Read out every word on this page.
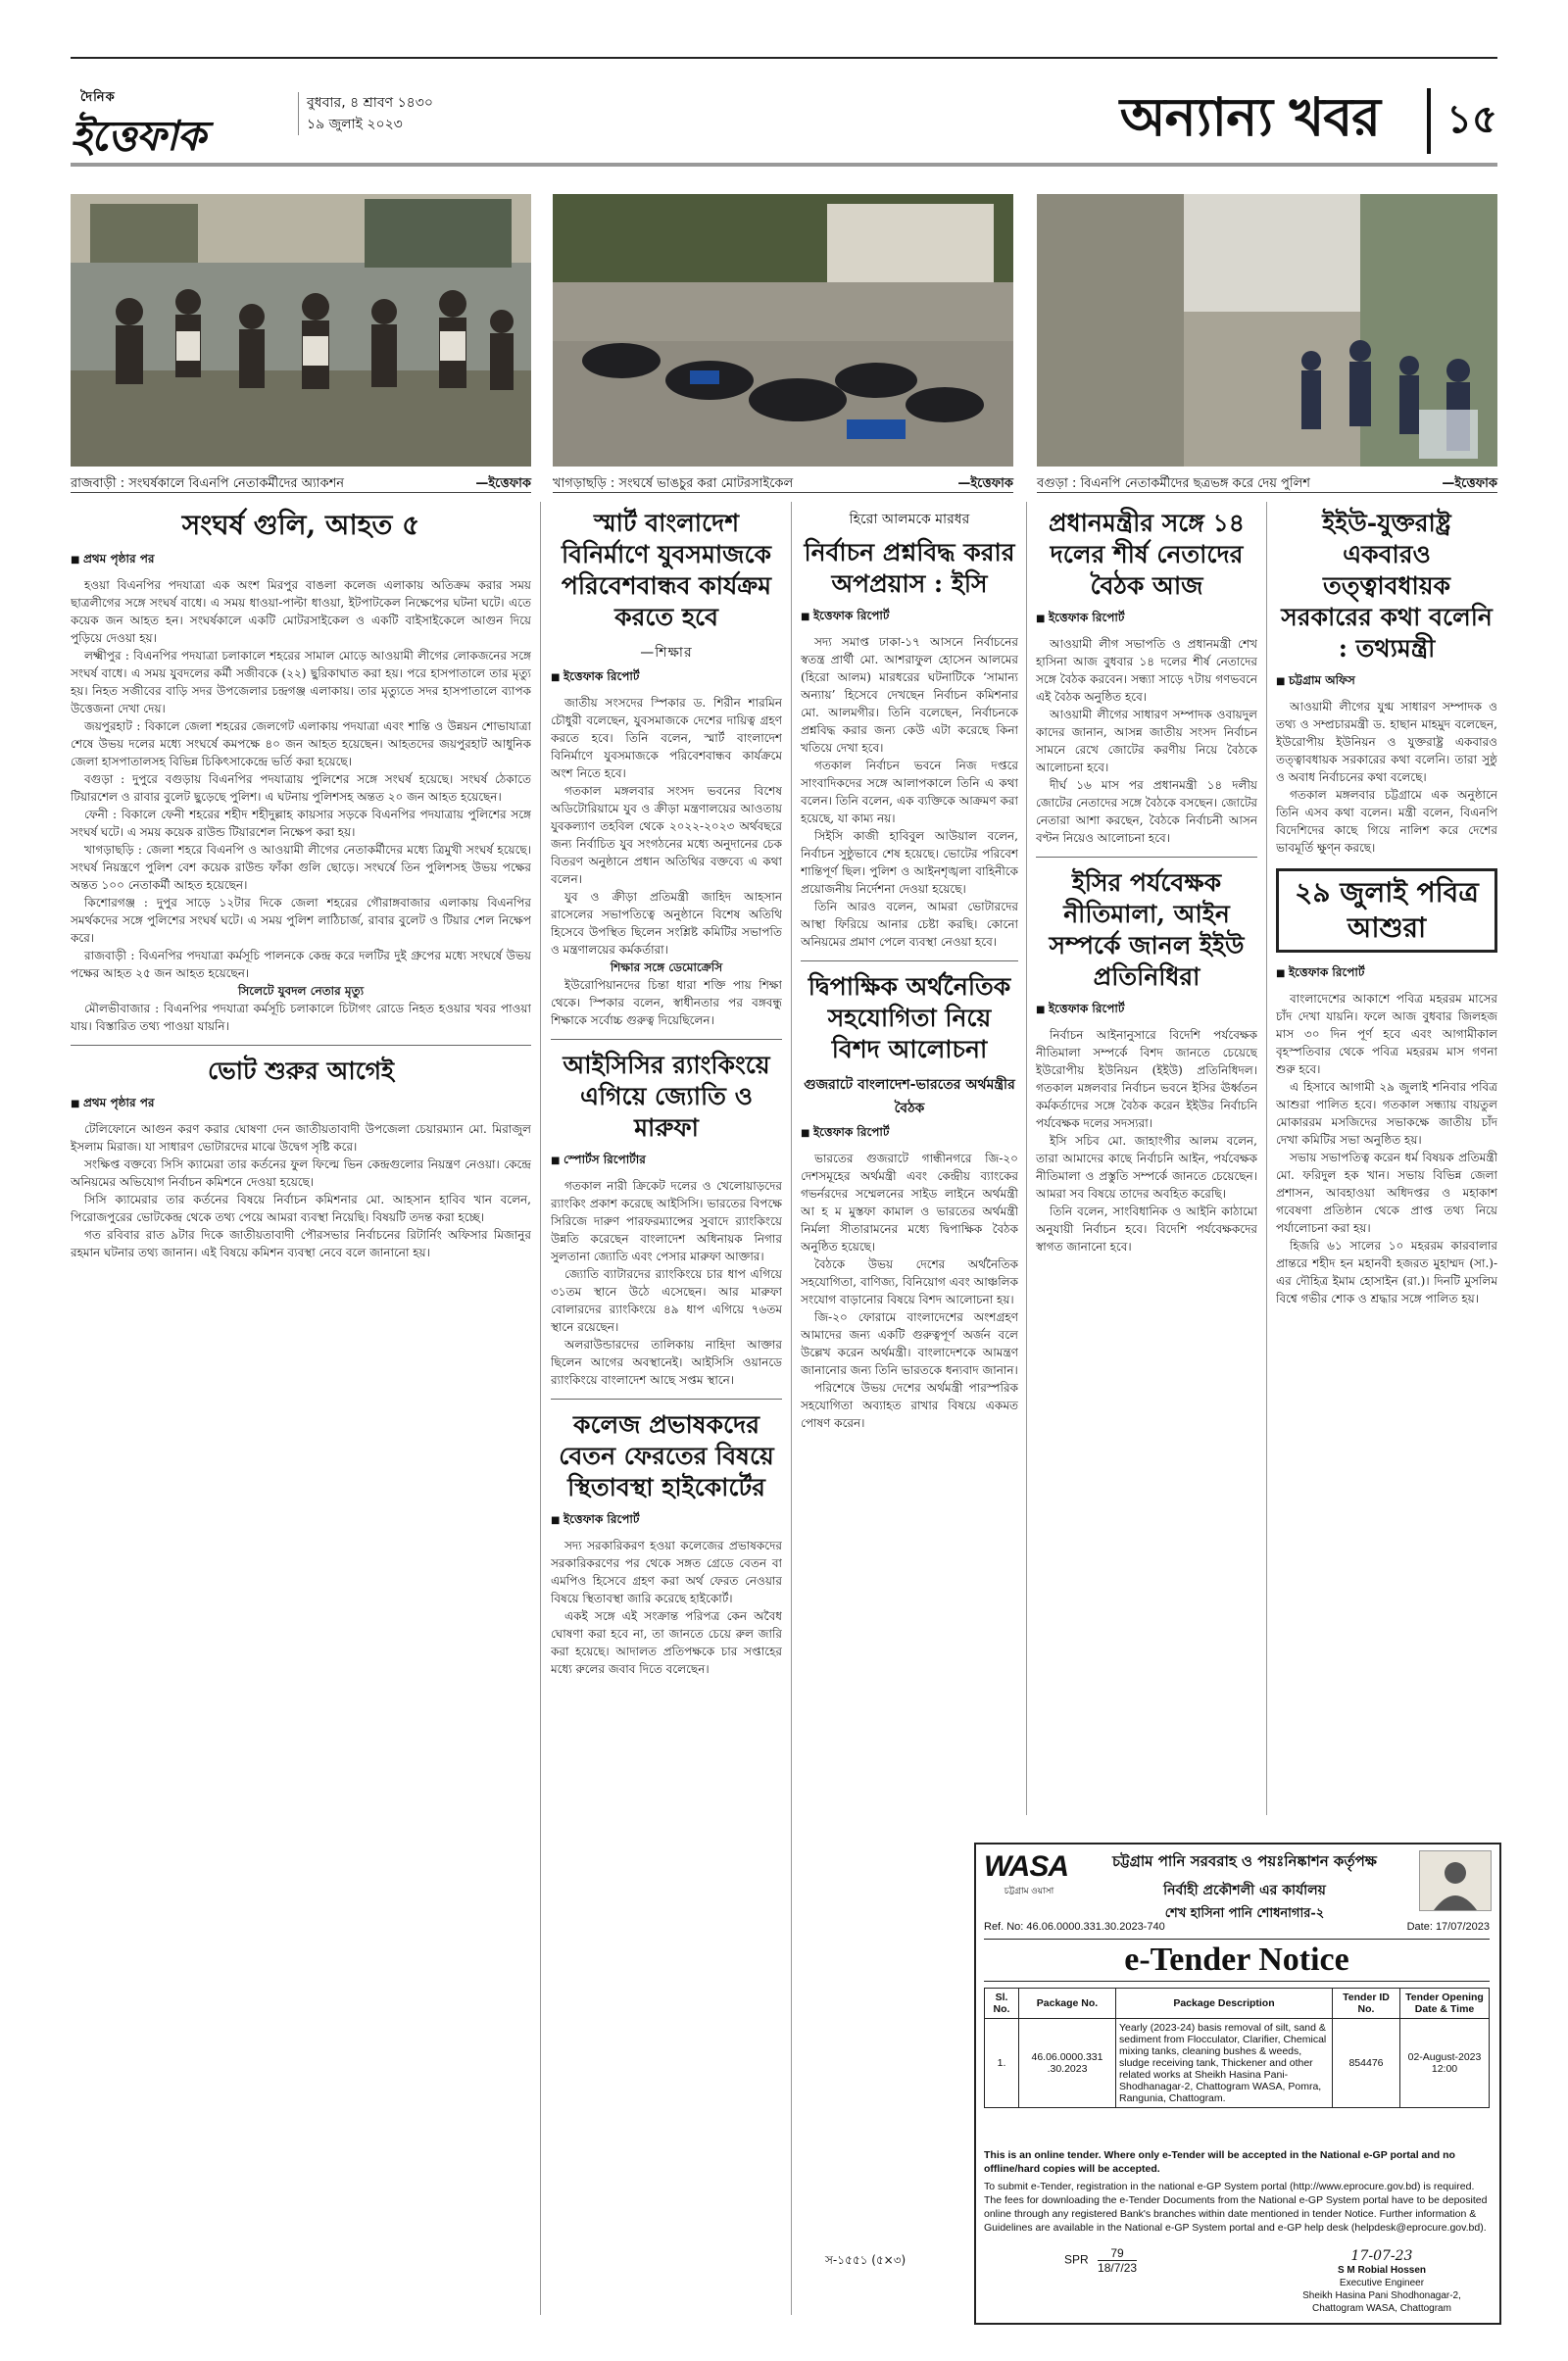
দৈনিক
ইত্তেফাক
বুধবার, ৪ শ্রাবণ ১৪৩০
১৯ জুলাই ২০২৩	অন্যান্য খবর	১৫
রাজবাড়ী : সংঘর্ষকালে বিএনপি নেতাকর্মীদের অ্যাকশন	—ইত্তেফাক খাগড়াছড়ি : সংঘর্ষে ভাঙচুর করা মোটরসাইকেল	—ইত্তেফাক বগুড়া : বিএনপি নেতাকর্মীদের ছত্রভঙ্গ করে দেয় পুলিশ	—ইত্তেফাক
সংঘর্ষ গুলি, আহত ৫
■ প্রথম পৃষ্ঠার পর

হওয়া বিএনপির পদযাত্রা এক অংশ মিরপুর বাঙলা কলেজ এলাকায় অতিক্রম করার সময় ছাত্রলীগের সঙ্গে সংঘর্ষ বাধে। এ সময় ধাওয়া-পাল্টা ধাওয়া, ইটপাটকেল নিক্ষেপের ঘটনা ঘটে। এতে কয়েক জন আহত হন। সংঘর্ষকালে একটি মোটরসাইকেল ও একটি বাইসাইকেলে আগুন দিয়ে পুড়িয়ে দেওয়া হয়।

লক্ষ্মীপুর : বিএনপির পদযাত্রা চলাকালে শহরের সামাল মোড়ে আওয়ামী লীগের লোকজনের সঙ্গে সংঘর্ষ বাধে। এ সময় যুবদলের কর্মী সজীবকে (২২) ছুরিকাঘাত করা হয়। পরে হাসপাতালে তার মৃত্যু হয়। নিহত সজীবের বাড়ি সদর উপজেলার চন্দ্রগঞ্জ এলাকায়। তার মৃত্যুতে সদর হাসপাতালে ব্যাপক উত্তেজনা দেখা দেয়।

জয়পুরহাট : বিকালে জেলা শহরের জেলগেট এলাকায় পদযাত্রা এবং শান্তি ও উন্নয়ন শোভাযাত্রা শেষে উভয় দলের মধ্যে সংঘর্ষে কমপক্ষে ৪০ জন আহত হয়েছেন। আহতদের জয়পুরহাট আধুনিক জেলা হাসপাতালসহ বিভিন্ন চিকিৎসাকেন্দ্রে ভর্তি করা হয়েছে।

বগুড়া : দুপুরে বগুড়ায় বিএনপির পদযাত্রায় পুলিশের সঙ্গে সংঘর্ষ হয়েছে। সংঘর্ষ ঠেকাতে টিয়ারশেল ও রাবার বুলেট ছুড়েছে পুলিশ। এ ঘটনায় পুলিশসহ অন্তত ২০ জন আহত হয়েছেন।

ফেনী : বিকালে ফেনী শহরের শহীদ শহীদুল্লাহ কায়সার সড়কে বিএনপির পদযাত্রায় পুলিশের সঙ্গে সংঘর্ষ ঘটে। এ সময় কয়েক রাউন্ড টিয়ারশেল নিক্ষেপ করা হয়।

খাগড়াছড়ি : জেলা শহরে বিএনপি ও আওয়ামী লীগের নেতাকর্মীদের মধ্যে ত্রিমুখী সংঘর্ষ হয়েছে। সংঘর্ষ নিয়ন্ত্রণে পুলিশ বেশ কয়েক রাউন্ড ফাঁকা গুলি ছোড়ে। সংঘর্ষে তিন পুলিশসহ উভয় পক্ষের অন্তত ১০০ নেতাকর্মী আহত হয়েছেন।

কিশোরগঞ্জ : দুপুর সাড়ে ১২টার দিকে জেলা শহরের গৌরাঙ্গবাজার এলাকায় বিএনপির সমর্থকদের সঙ্গে পুলিশের সংঘর্ষ ঘটে। এ সময় পুলিশ লাঠিচার্জ, রাবার বুলেট ও টিয়ার শেল নিক্ষেপ করে।

রাজবাড়ী : বিএনপির পদযাত্রা কর্মসূচি পালনকে কেন্দ্র করে দলটির দুই গ্রুপের মধ্যে সংঘর্ষে উভয় পক্ষের আহত ২৫ জন আহত হয়েছেন।

সিলেটে যুবদল নেতার মৃত্যু

মৌলভীবাজার : বিএনপির পদযাত্রা কর্মসূচি চলাকালে চিটাগং রোডে নিহত হওয়ার খবর পাওয়া যায়। বিস্তারিত তথ্য পাওয়া যায়নি।

ভোট শুরুর আগেই
■ প্রথম পৃষ্ঠার পর

টেলিফোনে আগুন করণ করার ঘোষণা দেন জাতীয়তাবাদী উপজেলা চেয়ারম্যান মো. মিরাজুল ইসলাম মিরাজ। যা সাধারণ ভোটারদের মাঝে উদ্বেগ সৃষ্টি করে।

সংক্ষিপ্ত বক্তব্যে সিসি ক্যামেরা তার কর্তনের ফুল ফিল্মে ভিন কেন্দ্রগুলোর নিয়ন্ত্রণ নেওয়া। কেন্দ্রে অনিয়মের অভিযোগ নির্বাচন কমিশনে দেওয়া হয়েছে।

সিসি ক্যামেরার তার কর্তনের বিষয়ে নির্বাচন কমিশনার মো. আহসান হাবিব খান বলেন, পিরোজপুরের ভোটকেন্দ্র থেকে তথ্য পেয়ে আমরা ব্যবস্থা নিয়েছি। বিষয়টি তদন্ত করা হচ্ছে।

গত রবিবার রাত ৯টার দিকে জাতীয়তাবাদী পৌরসভার নির্বাচনের রিটার্নিং অফিসার মিজানুর রহমান ঘটনার তথ্য জানান। এই বিষয়ে কমিশন ব্যবস্থা নেবে বলে জানানো হয়।

স্মার্ট বাংলাদেশ বিনির্মাণে যুবসমাজকে পরিবেশবান্ধব কার্যক্রম করতে হবে
—শিক্ষার
■ ইত্তেফাক রিপোর্ট

জাতীয় সংসদের স্পিকার ড. শিরীন শারমিন চৌধুরী বলেছেন, যুবসমাজকে দেশের দায়িত্ব গ্রহণ করতে হবে। তিনি বলেন, স্মার্ট বাংলাদেশ বিনির্মাণে যুবসমাজকে পরিবেশবান্ধব কার্যক্রমে অংশ নিতে হবে।

গতকাল মঙ্গলবার সংসদ ভবনের বিশেষ অডিটোরিয়ামে যুব ও ক্রীড়া মন্ত্রণালয়ের আওতায় যুবকল্যাণ তহবিল থেকে ২০২২-২০২৩ অর্থবছরে জন্য নির্বাচিত যুব সংগঠনের মধ্যে অনুদানের চেক বিতরণ অনুষ্ঠানে প্রধান অতিথির বক্তব্যে এ কথা বলেন।

যুব ও ক্রীড়া প্রতিমন্ত্রী জাহিদ আহসান রাসেলের সভাপতিত্বে অনুষ্ঠানে বিশেষ অতিথি হিসেবে উপস্থিত ছিলেন সংশ্লিষ্ট কমিটির সভাপতি ও মন্ত্রণালয়ের কর্মকর্তারা।

শিক্ষার সঙ্গে ডেমোক্রেসি

ইউরোপিয়ানদের চিন্তা ধারা শক্তি পায় শিক্ষা থেকে। স্পিকার বলেন, স্বাধীনতার পর বঙ্গবন্ধু শিক্ষাকে সর্বোচ্চ গুরুত্ব দিয়েছিলেন।

আইসিসির র‍্যাংকিংয়ে এগিয়ে জ্যোতি ও মারুফা
■ স্পোর্টস রিপোর্টার

গতকাল নারী ক্রিকেট দলের ও খেলোয়াড়দের র‍্যাংকিং প্রকাশ করেছে আইসিসি। ভারতের বিপক্ষে সিরিজে দারুণ পারফরম্যান্সের সুবাদে র‍্যাংকিংয়ে উন্নতি করেছেন বাংলাদেশ অধিনায়ক নিগার সুলতানা জ্যোতি এবং পেসার মারুফা আক্তার।

জ্যোতি ব্যাটারদের র‍্যাংকিংয়ে চার ধাপ এগিয়ে ৩১তম স্থানে উঠে এসেছেন। আর মারুফা বোলারদের র‍্যাংকিংয়ে ৪৯ ধাপ এগিয়ে ৭৬তম স্থানে রয়েছেন।

অলরাউন্ডারদের তালিকায় নাহিদা আক্তার ছিলেন আগের অবস্থানেই। আইসিসি ওয়ানডে র‍্যাংকিংয়ে বাংলাদেশ আছে সপ্তম স্থানে।

কলেজ প্রভাষকদের বেতন ফেরতের বিষয়ে স্থিতাবস্থা হাইকোর্টের
■ ইত্তেফাক রিপোর্ট

সদ্য সরকারিকরণ হওয়া কলেজের প্রভাষকদের সরকারিকরণের পর থেকে সঙ্গত গ্রেডে বেতন বা এমপিও হিসেবে গ্রহণ করা অর্থ ফেরত নেওয়ার বিষয়ে স্থিতাবস্থা জারি করেছে হাইকোর্ট।

একই সঙ্গে এই সংক্রান্ত পরিপত্র কেন অবৈধ ঘোষণা করা হবে না, তা জানতে চেয়ে রুল জারি করা হয়েছে। আদালত প্রতিপক্ষকে চার সপ্তাহের মধ্যে রুলের জবাব দিতে বলেছেন।

হিরো আলমকে মারধর
নির্বাচন প্রশ্নবিদ্ধ করার অপপ্রয়াস : ইসি
■ ইত্তেফাক রিপোর্ট

সদ্য সমাপ্ত ঢাকা-১৭ আসনে নির্বাচনের স্বতন্ত্র প্রার্থী মো. আশরাফুল হোসেন আলমের (হিরো আলম) মারধরের ঘটনাটিকে ‘সামান্য অন্যায়’ হিসেবে দেখছেন নির্বাচন কমিশনার মো. আলমগীর। তিনি বলেছেন, নির্বাচনকে প্রশ্নবিদ্ধ করার জন্য কেউ এটা করেছে কিনা খতিয়ে দেখা হবে।

গতকাল নির্বাচন ভবনে নিজ দপ্তরে সাংবাদিকদের সঙ্গে আলাপকালে তিনি এ কথা বলেন। তিনি বলেন, এক ব্যক্তিকে আক্রমণ করা হয়েছে, যা কাম্য নয়।

সিইসি কাজী হাবিবুল আউয়াল বলেন, নির্বাচন সুষ্ঠুভাবে শেষ হয়েছে। ভোটের পরিবেশ শান্তিপূর্ণ ছিল। পুলিশ ও আইনশৃঙ্খলা বাহিনীকে প্রয়োজনীয় নির্দেশনা দেওয়া হয়েছে।

তিনি আরও বলেন, আমরা ভোটারদের আস্থা ফিরিয়ে আনার চেষ্টা করছি। কোনো অনিয়মের প্রমাণ পেলে ব্যবস্থা নেওয়া হবে।

দ্বিপাক্ষিক অর্থনৈতিক সহযোগিতা নিয়ে বিশদ আলোচনা
গুজরাটে বাংলাদেশ-ভারতের অর্থমন্ত্রীর বৈঠক
■ ইত্তেফাক রিপোর্ট

ভারতের গুজরাটে গান্ধীনগরে জি-২০ দেশসমূহের অর্থমন্ত্রী এবং কেন্দ্রীয় ব্যাংকের গভর্নরদের সম্মেলনের সাইড লাইনে অর্থমন্ত্রী আ হ ম মুস্তফা কামাল ও ভারতের অর্থমন্ত্রী নির্মলা সীতারামনের মধ্যে দ্বিপাক্ষিক বৈঠক অনুষ্ঠিত হয়েছে।

বৈঠকে উভয় দেশের অর্থনৈতিক সহযোগিতা, বাণিজ্য, বিনিয়োগ এবং আঞ্চলিক সংযোগ বাড়ানোর বিষয়ে বিশদ আলোচনা হয়।

জি-২০ ফোরামে বাংলাদেশের অংশগ্রহণ আমাদের জন্য একটি গুরুত্বপূর্ণ অর্জন বলে উল্লেখ করেন অর্থমন্ত্রী। বাংলাদেশকে আমন্ত্রণ জানানোর জন্য তিনি ভারতকে ধন্যবাদ জানান।

পরিশেষে উভয় দেশের অর্থমন্ত্রী পারস্পরিক সহযোগিতা অব্যাহত রাখার বিষয়ে একমত পোষণ করেন।

প্রধানমন্ত্রীর সঙ্গে ১৪ দলের শীর্ষ নেতাদের বৈঠক আজ
■ ইত্তেফাক রিপোর্ট

আওয়ামী লীগ সভাপতি ও প্রধানমন্ত্রী শেখ হাসিনা আজ বুধবার ১৪ দলের শীর্ষ নেতাদের সঙ্গে বৈঠক করবেন। সন্ধ্যা সাড়ে ৭টায় গণভবনে এই বৈঠক অনুষ্ঠিত হবে।

আওয়ামী লীগের সাধারণ সম্পাদক ওবায়দুল কাদের জানান, আসন্ন জাতীয় সংসদ নির্বাচন সামনে রেখে জোটের করণীয় নিয়ে বৈঠকে আলোচনা হবে।

দীর্ঘ ১৬ মাস পর প্রধানমন্ত্রী ১৪ দলীয় জোটের নেতাদের সঙ্গে বৈঠকে বসছেন। জোটের নেতারা আশা করছেন, বৈঠকে নির্বাচনী আসন বণ্টন নিয়েও আলোচনা হবে।

ইসির পর্যবেক্ষক নীতিমালা, আইন সম্পর্কে জানল ইইউ প্রতিনিধিরা
■ ইত্তেফাক রিপোর্ট

নির্বাচন আইনানুসারে বিদেশি পর্যবেক্ষক নীতিমালা সম্পর্কে বিশদ জানতে চেয়েছে ইউরোপীয় ইউনিয়ন (ইইউ) প্রতিনিধিদল। গতকাল মঙ্গলবার নির্বাচন ভবনে ইসির ঊর্ধ্বতন কর্মকর্তাদের সঙ্গে বৈঠক করেন ইইউর নির্বাচনি পর্যবেক্ষক দলের সদস্যরা।

ইসি সচিব মো. জাহাংগীর আলম বলেন, তারা আমাদের কাছে নির্বাচনি আইন, পর্যবেক্ষক নীতিমালা ও প্রস্তুতি সম্পর্কে জানতে চেয়েছেন। আমরা সব বিষয়ে তাদের অবহিত করেছি।

তিনি বলেন, সাংবিধানিক ও আইনি কাঠামো অনুযায়ী নির্বাচন হবে। বিদেশি পর্যবেক্ষকদের স্বাগত জানানো হবে।

ইইউ-যুক্তরাষ্ট্র একবারও তত্ত্বাবধায়ক সরকারের কথা বলেনি : তথ্যমন্ত্রী
■ চট্টগ্রাম অফিস

আওয়ামী লীগের যুগ্ম সাধারণ সম্পাদক ও তথ্য ও সম্প্রচারমন্ত্রী ড. হাছান মাহমুদ বলেছেন, ইউরোপীয় ইউনিয়ন ও যুক্তরাষ্ট্র একবারও তত্ত্বাবধায়ক সরকারের কথা বলেনি। তারা সুষ্ঠু ও অবাধ নির্বাচনের কথা বলেছে।

গতকাল মঙ্গলবার চট্টগ্রামে এক অনুষ্ঠানে তিনি এসব কথা বলেন। মন্ত্রী বলেন, বিএনপি বিদেশিদের কাছে গিয়ে নালিশ করে দেশের ভাবমূর্তি ক্ষুণ্ন করছে।

২৯ জুলাই পবিত্র আশুরা
■ ইত্তেফাক রিপোর্ট

বাংলাদেশের আকাশে পবিত্র মহররম মাসের চাঁদ দেখা যায়নি। ফলে আজ বুধবার জিলহজ মাস ৩০ দিন পূর্ণ হবে এবং আগামীকাল বৃহস্পতিবার থেকে পবিত্র মহররম মাস গণনা শুরু হবে।

এ হিসাবে আগামী ২৯ জুলাই শনিবার পবিত্র আশুরা পালিত হবে। গতকাল সন্ধ্যায় বায়তুল মোকাররম মসজিদের সভাকক্ষে জাতীয় চাঁদ দেখা কমিটির সভা অনুষ্ঠিত হয়।

সভায় সভাপতিত্ব করেন ধর্ম বিষয়ক প্রতিমন্ত্রী মো. ফরিদুল হক খান। সভায় বিভিন্ন জেলা প্রশাসন, আবহাওয়া অধিদপ্তর ও মহাকাশ গবেষণা প্রতিষ্ঠান থেকে প্রাপ্ত তথ্য নিয়ে পর্যালোচনা করা হয়।

হিজরি ৬১ সালের ১০ মহররম কারবালার প্রান্তরে শহীদ হন মহানবী হজরত মুহাম্মদ (সা.)-এর দৌহিত্র ইমাম হোসাইন (রা.)। দিনটি মুসলিম বিশ্বে গভীর শোক ও শ্রদ্ধার সঙ্গে পালিত হয়।

WASA
চট্টগ্রাম ওয়াসা
চট্টগ্রাম পানি সরবরাহ ও পয়ঃনিষ্কাশন কর্তৃপক্ষ
নির্বাহী প্রকৌশলী এর কার্যালয়
শেখ হাসিনা পানি শোধনাগার-২
Ref. No: 46.06.0000.331.30.2023-740	Date: 17/07/2023
e-Tender Notice
Sl. No.	Package No.	Package Description	Tender ID No.	Tender Opening Date & Time
1.	46.06.0000.331 .30.2023	Yearly (2023-24) basis removal of silt, sand & sediment from Flocculator, Clarifier, Chemical mixing tanks, cleaning bushes & weeds, sludge receiving tank, Thickener and other related works at Sheikh Hasina Pani-Shodhanagar-2, Chattogram WASA, Pomra, Rangunia, Chattogram.	854476	02-August-2023 12:00
This is an online tender. Where only e-Tender will be accepted in the National e-GP portal and no offline/hard copies will be accepted.
To submit e-Tender, registration in the national e-GP System portal (http://www.eprocure.gov.bd) is required. The fees for downloading the e-Tender Documents from the National e-GP System portal have to be deposited online through any registered Bank's branches within date mentioned in tender Notice. Further information & Guidelines are available in the National e-GP System portal and e-GP help desk (helpdesk@eprocure.gov.bd).
SPR $\frac{79}{18/7/23}$	17-07-23
S M Robial Hossen
Executive Engineer
Sheikh Hasina Pani Shodhonagar-2,
Chattogram WASA, Chattogram
স-১৫৫১ (৫×৩)
